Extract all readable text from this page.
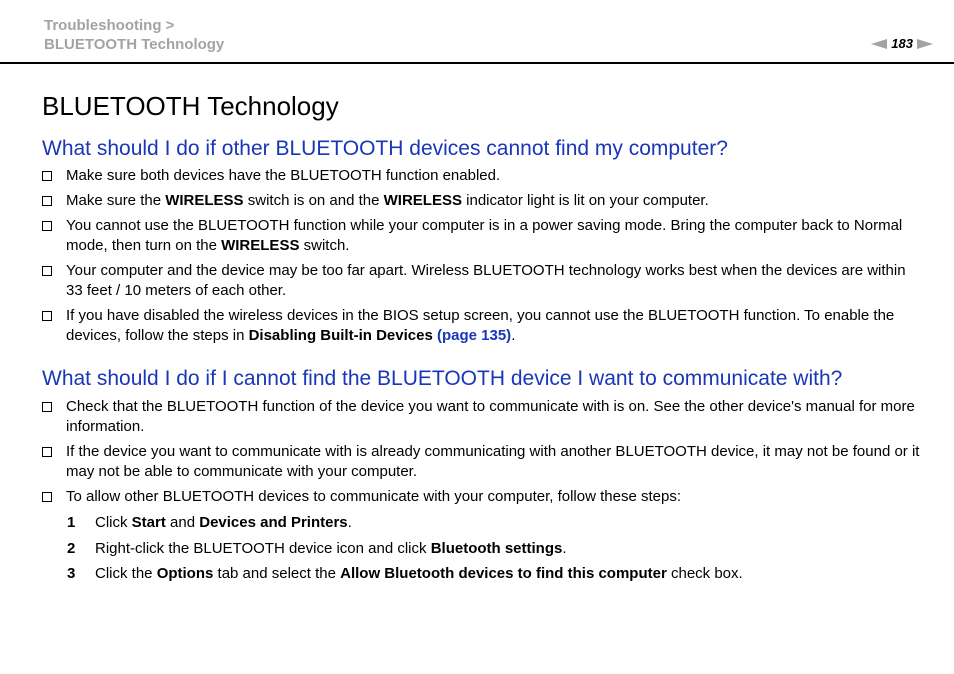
Troubleshooting >
BLUETOOTH Technology	183
BLUETOOTH Technology
What should I do if other BLUETOOTH devices cannot find my computer?
Make sure both devices have the BLUETOOTH function enabled.
Make sure the WIRELESS switch is on and the WIRELESS indicator light is lit on your computer.
You cannot use the BLUETOOTH function while your computer is in a power saving mode. Bring the computer back to Normal mode, then turn on the WIRELESS switch.
Your computer and the device may be too far apart. Wireless BLUETOOTH technology works best when the devices are within 33 feet / 10 meters of each other.
If you have disabled the wireless devices in the BIOS setup screen, you cannot use the BLUETOOTH function. To enable the devices, follow the steps in Disabling Built-in Devices (page 135).
What should I do if I cannot find the BLUETOOTH device I want to communicate with?
Check that the BLUETOOTH function of the device you want to communicate with is on. See the other device's manual for more information.
If the device you want to communicate with is already communicating with another BLUETOOTH device, it may not be found or it may not be able to communicate with your computer.
To allow other BLUETOOTH devices to communicate with your computer, follow these steps:
1	Click Start and Devices and Printers.
2	Right-click the BLUETOOTH device icon and click Bluetooth settings.
3	Click the Options tab and select the Allow Bluetooth devices to find this computer check box.
